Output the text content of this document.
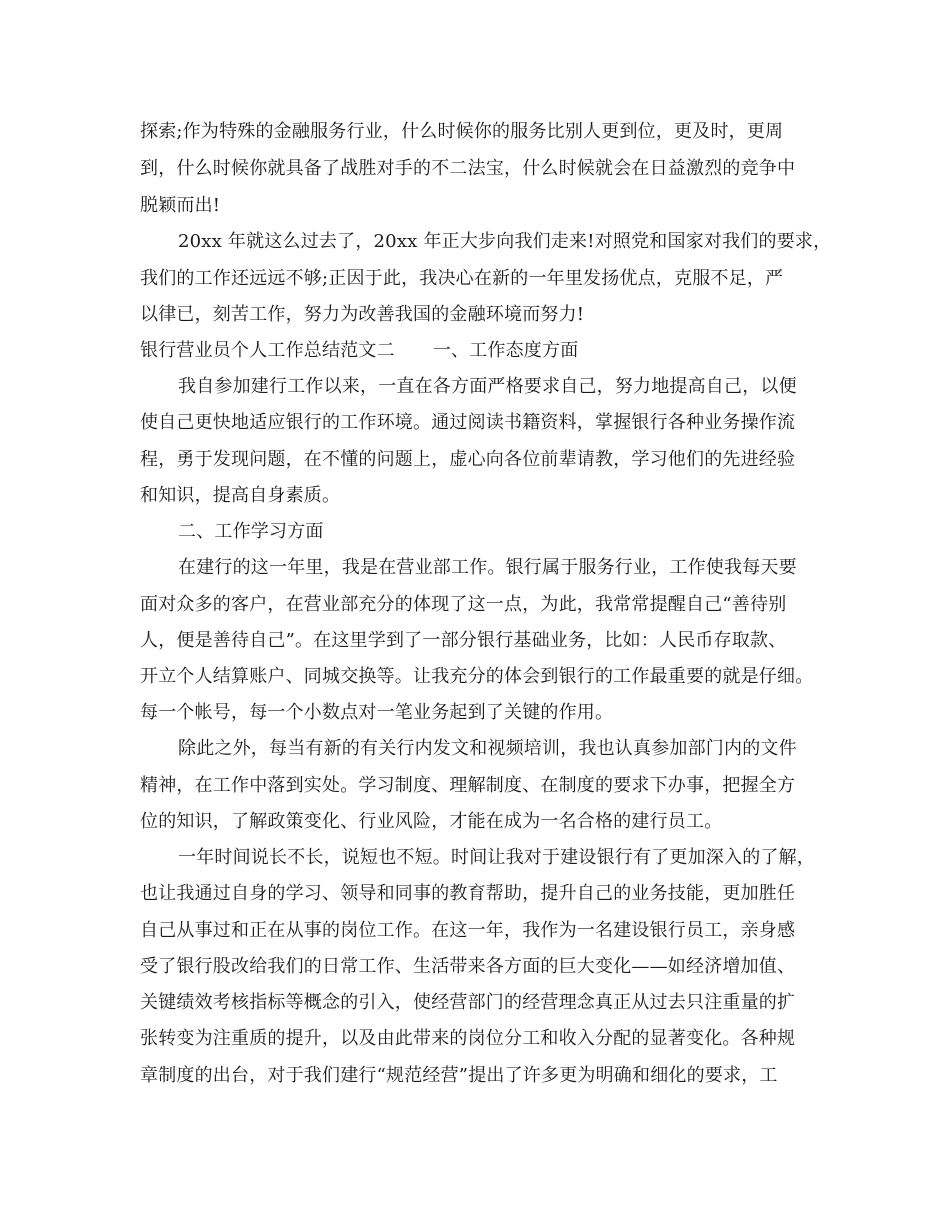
探索;作为特殊的金融服务行业，什么时候你的服务比别人更到位，更及时，更周

到，什么时候你就具备了战胜对手的不二法宝，什么时候就会在日益激烈的竞争中

脱颖而出!

20xx 年就这么过去了，20xx 年正大步向我们走来!对照党和国家对我们的要求，

我们的工作还远远不够;正因于此，我决心在新的一年里发扬优点，克服不足，严

以律已，刻苦工作，努力为改善我国的金融环境而努力!

银行营业员个人工作总结范文二 一、工作态度方面

我自参加建行工作以来，一直在各方面严格要求自己，努力地提高自己，以便

使自己更快地适应银行的工作环境。通过阅读书籍资料，掌握银行各种业务操作流

程，勇于发现问题，在不懂的问题上，虚心向各位前辈请教，学习他们的先进经验

和知识，提高自身素质。

二、工作学习方面

在建行的这一年里，我是在营业部工作。银行属于服务行业，工作使我每天要

面对众多的客户，在营业部充分的体现了这一点，为此，我常常提醒自己“善待别

人，便是善待自己”。在这里学到了一部分银行基础业务，比如：人民币存取款、

开立个人结算账户、同城交换等。让我充分的体会到银行的工作最重要的就是仔细。

每一个帐号，每一个小数点对一笔业务起到了关键的作用。

除此之外，每当有新的有关行内发文和视频培训，我也认真参加部门内的文件

精神，在工作中落到实处。学习制度、理解制度、在制度的要求下办事，把握全方

位的知识，了解政策变化、行业风险，才能在成为一名合格的建行员工。

一年时间说长不长，说短也不短。时间让我对于建设银行有了更加深入的了解，

也让我通过自身的学习、领导和同事的教育帮助，提升自己的业务技能，更加胜任

自己从事过和正在从事的岗位工作。在这一年，我作为一名建设银行员工，亲身感

受了银行股改给我们的日常工作、生活带来各方面的巨大变化——如经济增加值、

关键绩效考核指标等概念的引入，使经营部门的经营理念真正从过去只注重量的扩

张转变为注重质的提升，以及由此带来的岗位分工和收入分配的显著变化。各种规

章制度的出台，对于我们建行“规范经营”提出了许多更为明确和细化的要求，工
